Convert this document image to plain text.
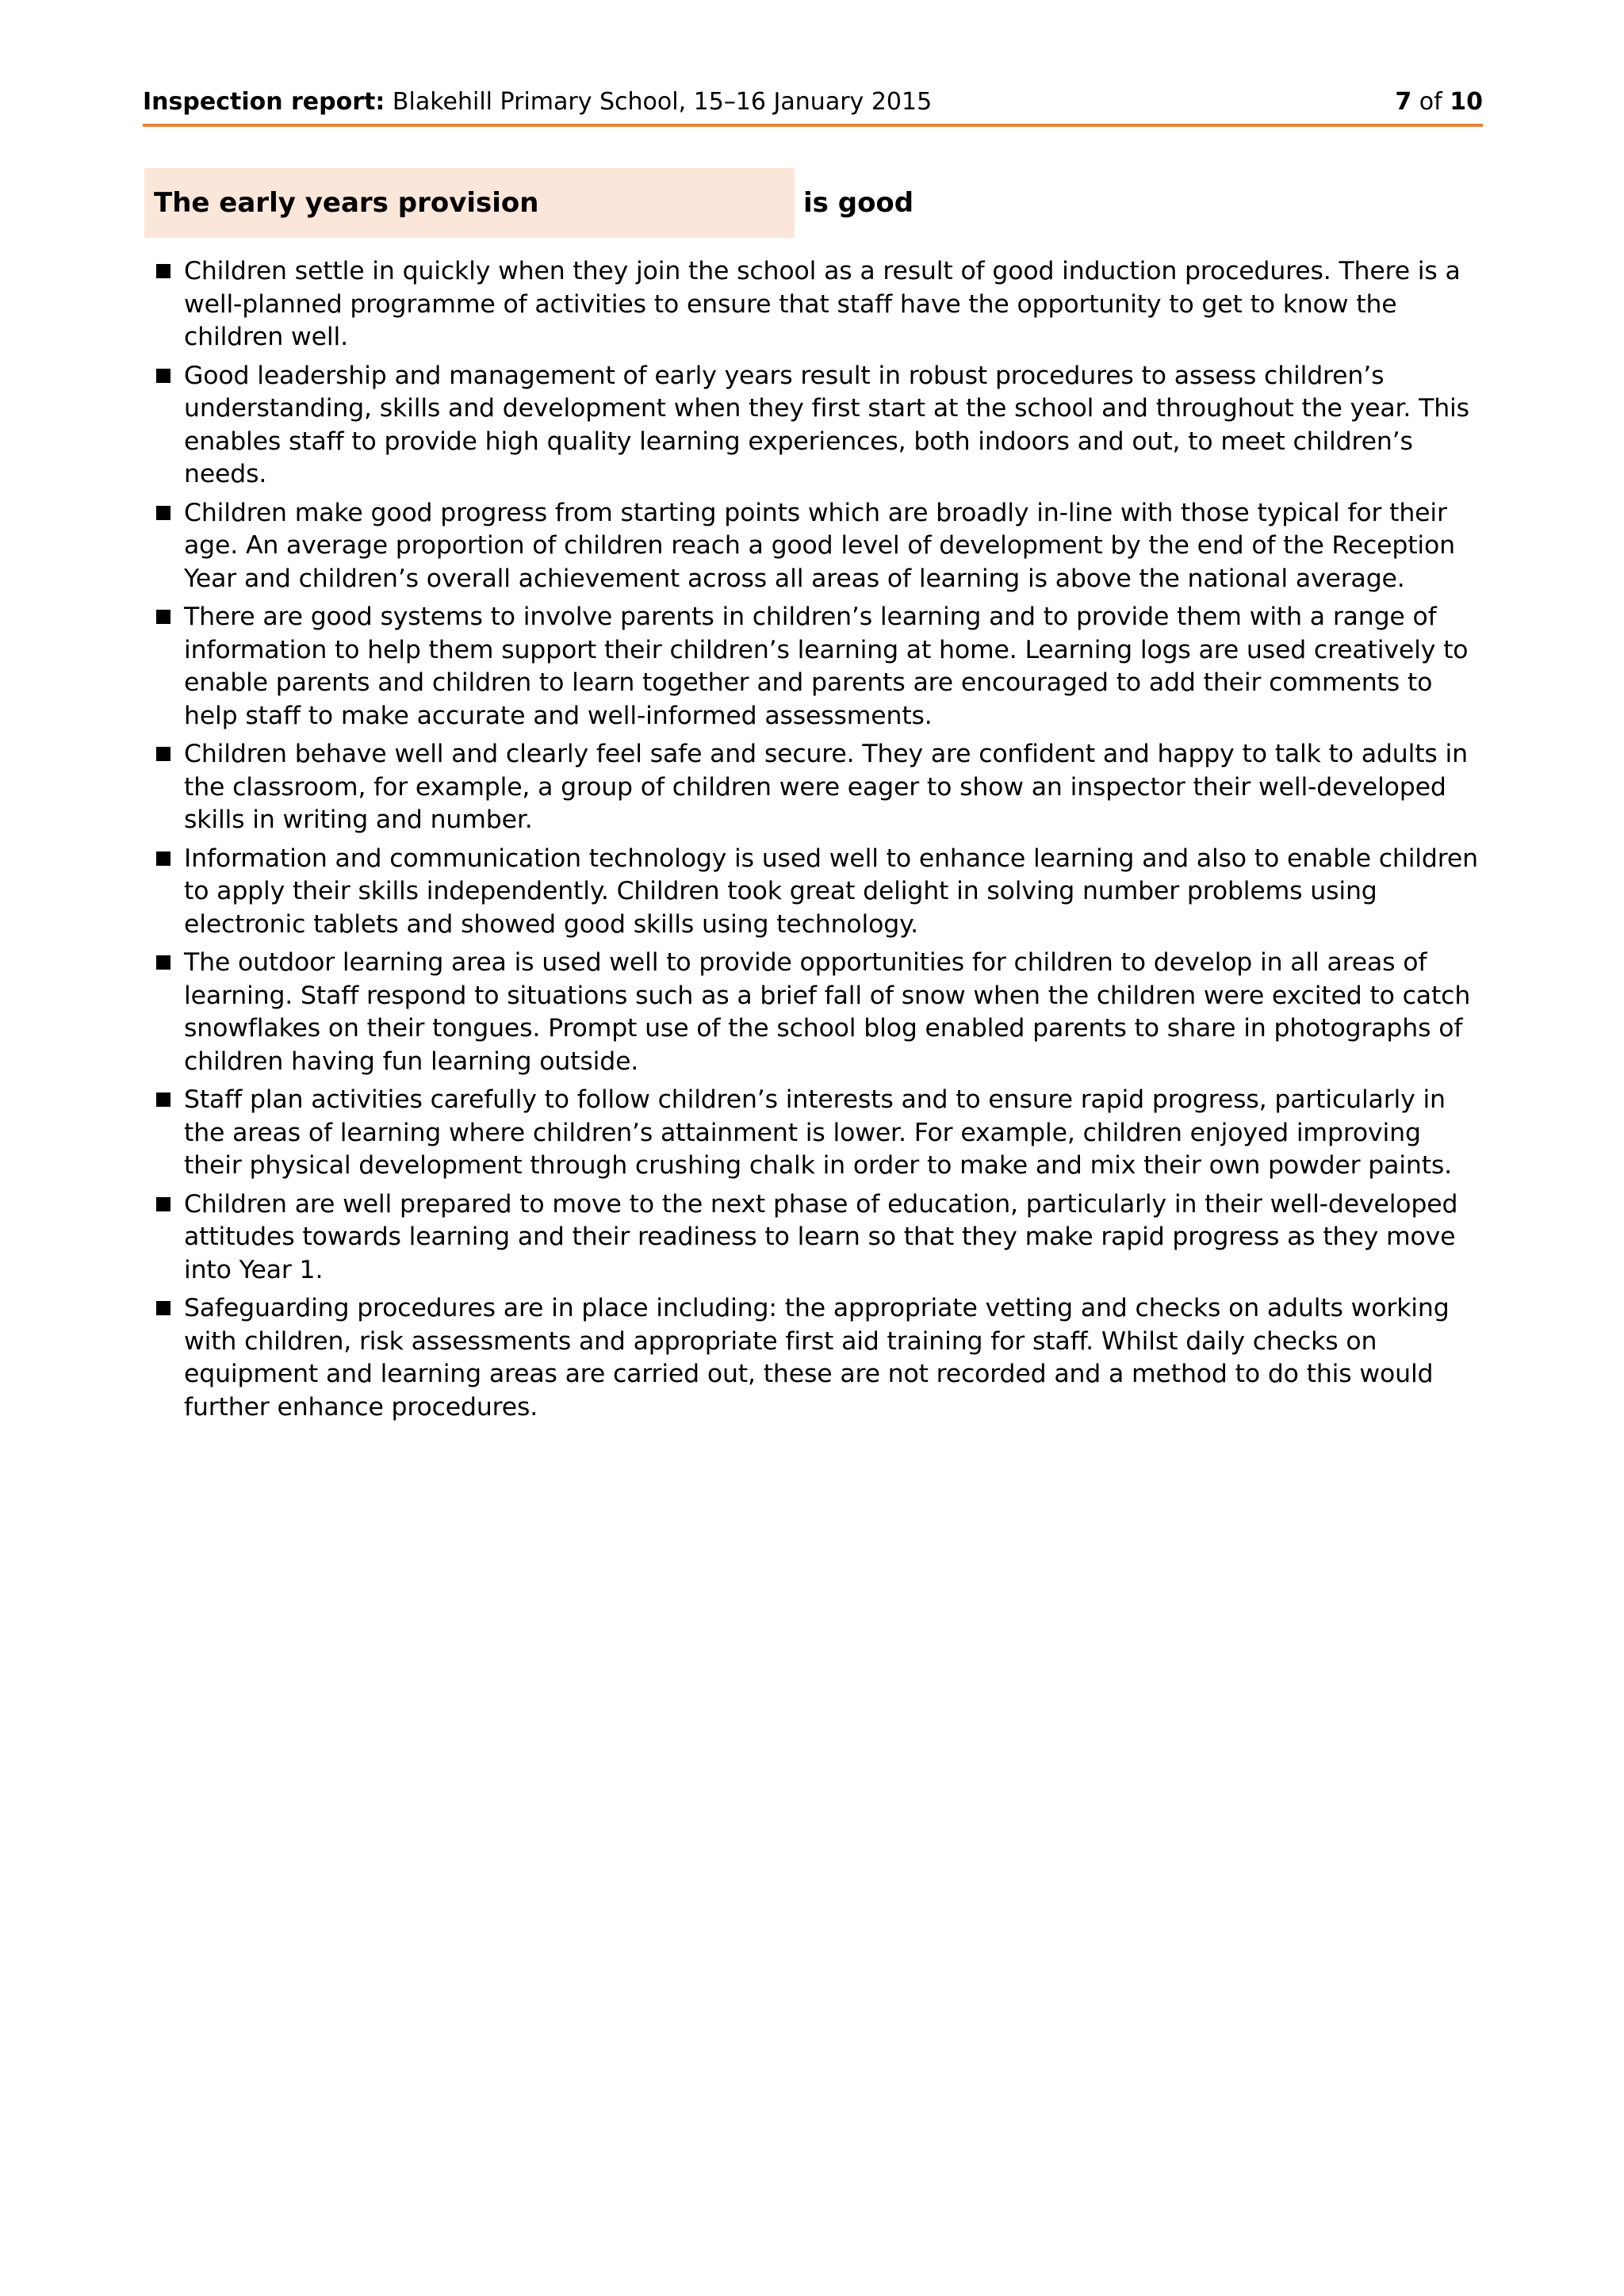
Inspection report: Blakehill Primary School, 15–16 January 2015	7 of 10
The early years provision	is good
Children settle in quickly when they join the school as a result of good induction procedures. There is a well-planned programme of activities to ensure that staff have the opportunity to get to know the children well.
Good leadership and management of early years result in robust procedures to assess children’s understanding, skills and development when they first start at the school and throughout the year. This enables staff to provide high quality learning experiences, both indoors and out, to meet children’s needs.
Children make good progress from starting points which are broadly in-line with those typical for their age. An average proportion of children reach a good level of development by the end of the Reception Year and children’s overall achievement across all areas of learning is above the national average.
There are good systems to involve parents in children’s learning and to provide them with a range of information to help them support their children’s learning at home. Learning logs are used creatively to enable parents and children to learn together and parents are encouraged to add their comments to help staff to make accurate and well-informed assessments.
Children behave well and clearly feel safe and secure. They are confident and happy to talk to adults in the classroom, for example, a group of children were eager to show an inspector their well-developed skills in writing and number.
Information and communication technology is used well to enhance learning and also to enable children to apply their skills independently. Children took great delight in solving number problems using electronic tablets and showed good skills using technology.
The outdoor learning area is used well to provide opportunities for children to develop in all areas of learning. Staff respond to situations such as a brief fall of snow when the children were excited to catch snowflakes on their tongues. Prompt use of the school blog enabled parents to share in photographs of children having fun learning outside.
Staff plan activities carefully to follow children’s interests and to ensure rapid progress, particularly in the areas of learning where children’s attainment is lower. For example, children enjoyed improving their physical development through crushing chalk in order to make and mix their own powder paints.
Children are well prepared to move to the next phase of education, particularly in their well-developed attitudes towards learning and their readiness to learn so that they make rapid progress as they move into Year 1.
Safeguarding procedures are in place including: the appropriate vetting and checks on adults working with children, risk assessments and appropriate first aid training for staff. Whilst daily checks on equipment and learning areas are carried out, these are not recorded and a method to do this would further enhance procedures.
